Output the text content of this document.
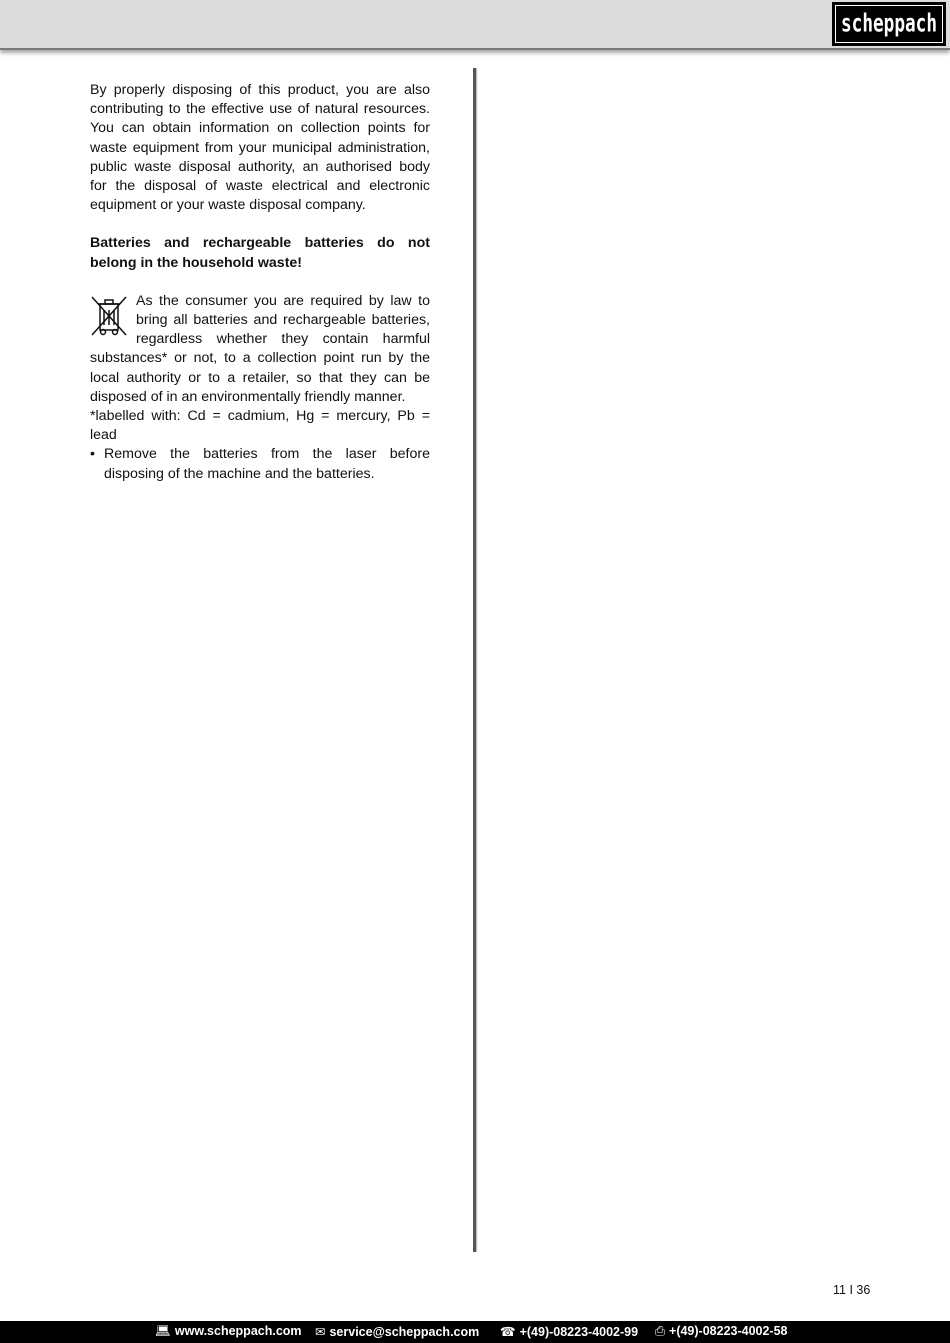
scheppach

By properly disposing of this product, you are also contributing to the effective use of natural resources. You can obtain information on collection points for waste equipment from your municipal administration, public waste disposal authority, an authorised body for the disposal of waste electrical and electronic equipment or your waste disposal company.

Batteries and rechargeable batteries do not belong in the household waste!

As the consumer you are required by law to bring all batteries and rechargeable batteries, regardless whether they contain harmful substances* or not, to a collection point run by the local authority or to a retailer, so that they can be disposed of in an environmentally friendly manner.

*labelled with: Cd = cadmium, Hg = mercury, Pb = lead

• Remove the batteries from the laser before disposing of the machine and the batteries.
11 I 36
💻︎ www.scheppach.com ✉︎ service@scheppach.com ☎︎ +(49)-08223-4002-99 ⎙ +(49)-08223-4002-58
